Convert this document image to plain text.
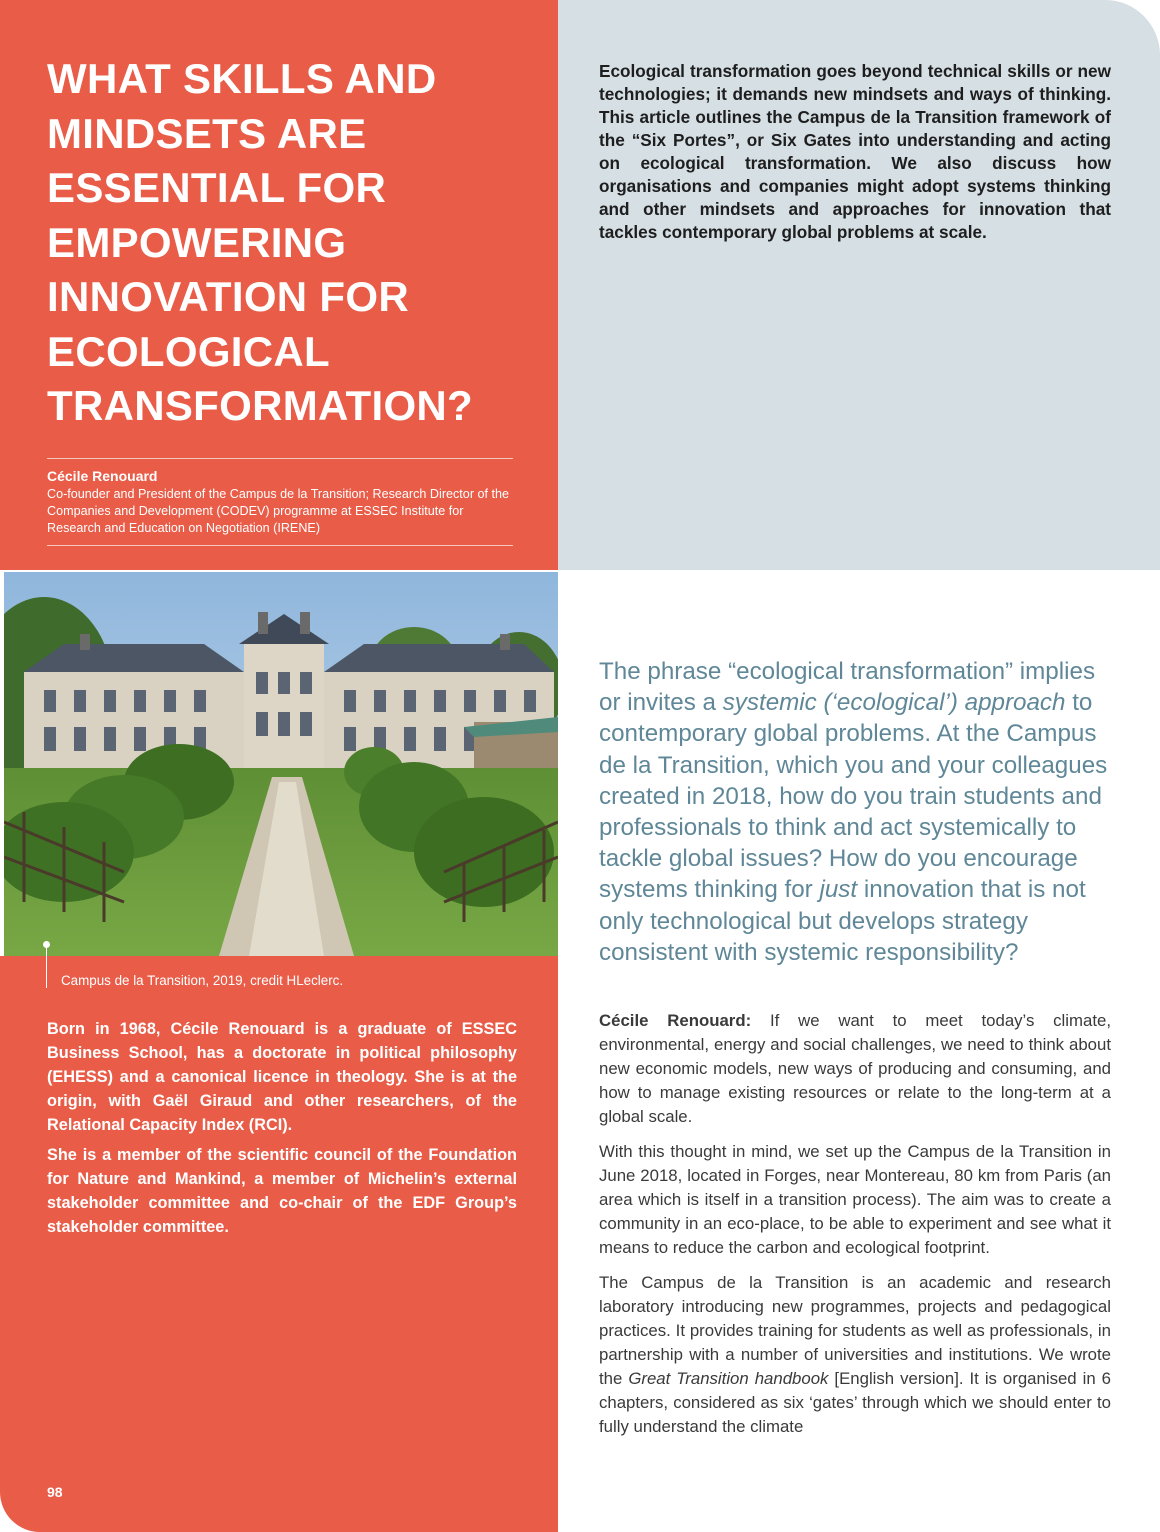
WHAT SKILLS AND MINDSETS ARE ESSENTIAL FOR EMPOWERING INNOVATION FOR ECOLOGICAL TRANSFORMATION?
Cécile Renouard
Co-founder and President of the Campus de la Transition; Research Director of the Companies and Development (CODEV) programme at ESSEC Institute for Research and Education on Negotiation (IRENE)

Ecological transformation goes beyond technical skills or new technologies; it demands new mindsets and ways of thinking. This article outlines the Campus de la Transition framework of the “Six Portes”, or Six Gates into understanding and acting on ecological transformation. We also discuss how organisations and companies might adopt systems thinking and other mindsets and approaches for innovation that tackles contemporary global problems at scale.

Campus de la Transition, 2019, credit HLeclerc.

Born in 1968, Cécile Renouard is a graduate of ESSEC Business School, has a doctorate in political philosophy (EHESS) and a canonical licence in theology. She is at the origin, with Gaël Giraud and other researchers, of the Relational Capacity Index (RCI).

She is a member of the scientific council of the Foundation for Nature and Mankind, a member of Michelin’s external stakeholder committee and co-chair of the EDF Group’s stakeholder committee.

98

The phrase “ecological transformation” implies or invites a systemic (‘ecological’) approach to contemporary global problems. At the Campus de la Transition, which you and your colleagues created in 2018, how do you train students and professionals to think and act systemically to tackle global issues? How do you encourage systems thinking for just innovation that is not only technological but develops strategy consistent with systemic responsibility?

Cécile Renouard: If we want to meet today’s climate, environmental, energy and social challenges, we need to think about new economic models, new ways of producing and consuming, and how to manage existing resources or relate to the long-term at a global scale.

With this thought in mind, we set up the Campus de la Transition in June 2018, located in Forges, near Montereau, 80 km from Paris (an area which is itself in a transition process). The aim was to create a community in an eco-place, to be able to experiment and see what it means to reduce the carbon and ecological footprint.

The Campus de la Transition is an academic and research laboratory introducing new programmes, projects and pedagogical practices. It provides training for students as well as professionals, in partnership with a number of universities and institutions. We wrote the Great Transition handbook [English version]. It is organised in 6 chapters, considered as six ‘gates’ through which we should enter to fully understand the climate
